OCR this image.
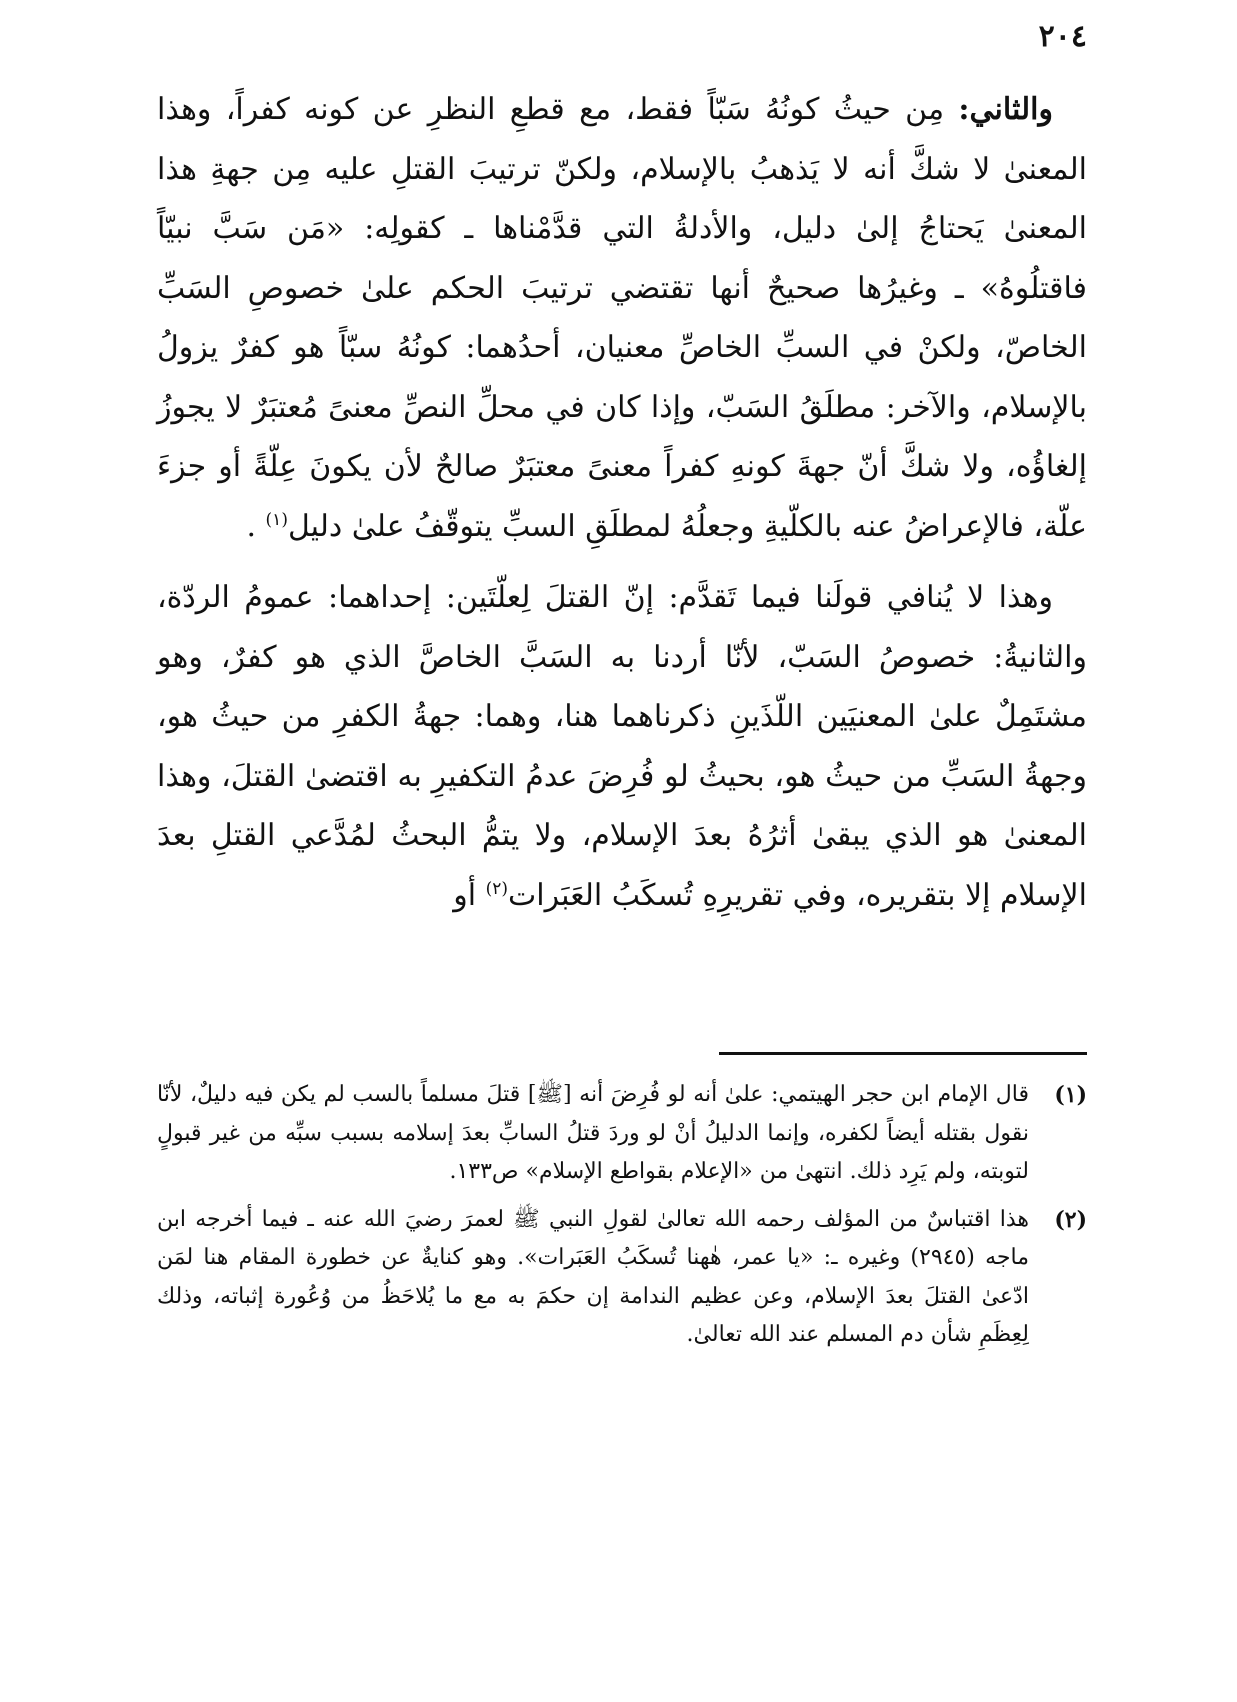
٢٠٤

والثاني: مِن حيثُ كونُهُ سَبّاً فقط، مع قطعِ النظرِ عن كونه كفراً، وهذا المعنىٰ لا شكَّ أنه لا يَذهبُ بالإسلام، ولكنّ ترتيبَ القتلِ عليه مِن جهةِ هذا المعنىٰ يَحتاجُ إلىٰ دليل، والأدلةُ التي قدَّمْناها ـ كقولِه: «مَن سَبَّ نبيّاً فاقتلُوهُ» ـ وغيرُها صحيحٌ أنها تقتضي ترتيبَ الحكم علىٰ خصوصِ السَبِّ الخاصّ، ولكنْ في السبِّ الخاصِّ معنيان، أحدُهما: كونُهُ سبّاً هو كفرٌ يزولُ بالإسلام، والآخر: مطلَقُ السَبّ، وإذا كان في محلِّ النصِّ معنىً مُعتبَرٌ لا يجوزُ إلغاؤُه، ولا شكَّ أنّ جهةَ كونهِ كفراً معنىً معتبَرٌ صالحٌ لأن يكونَ عِلّةً أو جزءَ علّة، فالإعراضُ عنه بالكلّيةِ وجعلُهُ لمطلَقِ السبِّ يتوقّفُ علىٰ دليل$^{(١)}$ .

وهذا لا يُنافي قولَنا فيما تَقدَّم: إنّ القتلَ لِعلّتَين: إحداهما: عمومُ الردّة، والثانيةُ: خصوصُ السَبّ، لأنّا أردنا به السَبَّ الخاصَّ الذي هو كفرٌ، وهو مشتَمِلٌ علىٰ المعنيَين اللّذَينِ ذكرناهما هنا، وهما: جهةُ الكفرِ من حيثُ هو، وجهةُ السَبِّ من حيثُ هو، بحيثُ لو فُرِضَ عدمُ التكفيرِ به اقتضىٰ القتلَ، وهذا المعنىٰ هو الذي يبقىٰ أثرُهُ بعدَ الإسلام، ولا يتمُّ البحثُ لمُدَّعي القتلِ بعدَ الإسلام إلا بتقريره، وفي تقريرِهِ تُسكَبُ العَبَرات$^{(٢)}$ أو

(١)
قال الإمام ابن حجر الهيتمي: علىٰ أنه لو فُرِضَ أنه [ﷺ] قتلَ مسلماً بالسب لم يكن فيه دليلٌ، لأنّا نقول بقتله أيضاً لكفره، وإنما الدليلُ أنْ لو وردَ قتلُ السابِّ بعدَ إسلامه بسبب سبِّه من غير قبولٍ لتوبته، ولم يَرِد ذلك. انتهىٰ من «الإعلام بقواطع الإسلام» ص١٣٣.
(٢)
هذا اقتباسٌ من المؤلف رحمه الله تعالىٰ لقولِ النبي ﷺ لعمرَ رضيَ الله عنه ـ فيما أخرجه ابن ماجه (٢٩٤٥) وغيره ـ: «يا عمر، هٰهنا تُسكَبُ العَبَرات». وهو كنايةٌ عن خطورة المقام هنا لمَن ادّعىٰ القتلَ بعدَ الإسلام، وعن عظيم الندامة إن حكمَ به مع ما يُلاحَظُ من وُعُورة إثباته، وذلك لِعِظَمِ شأن دم المسلم عند الله تعالىٰ.
